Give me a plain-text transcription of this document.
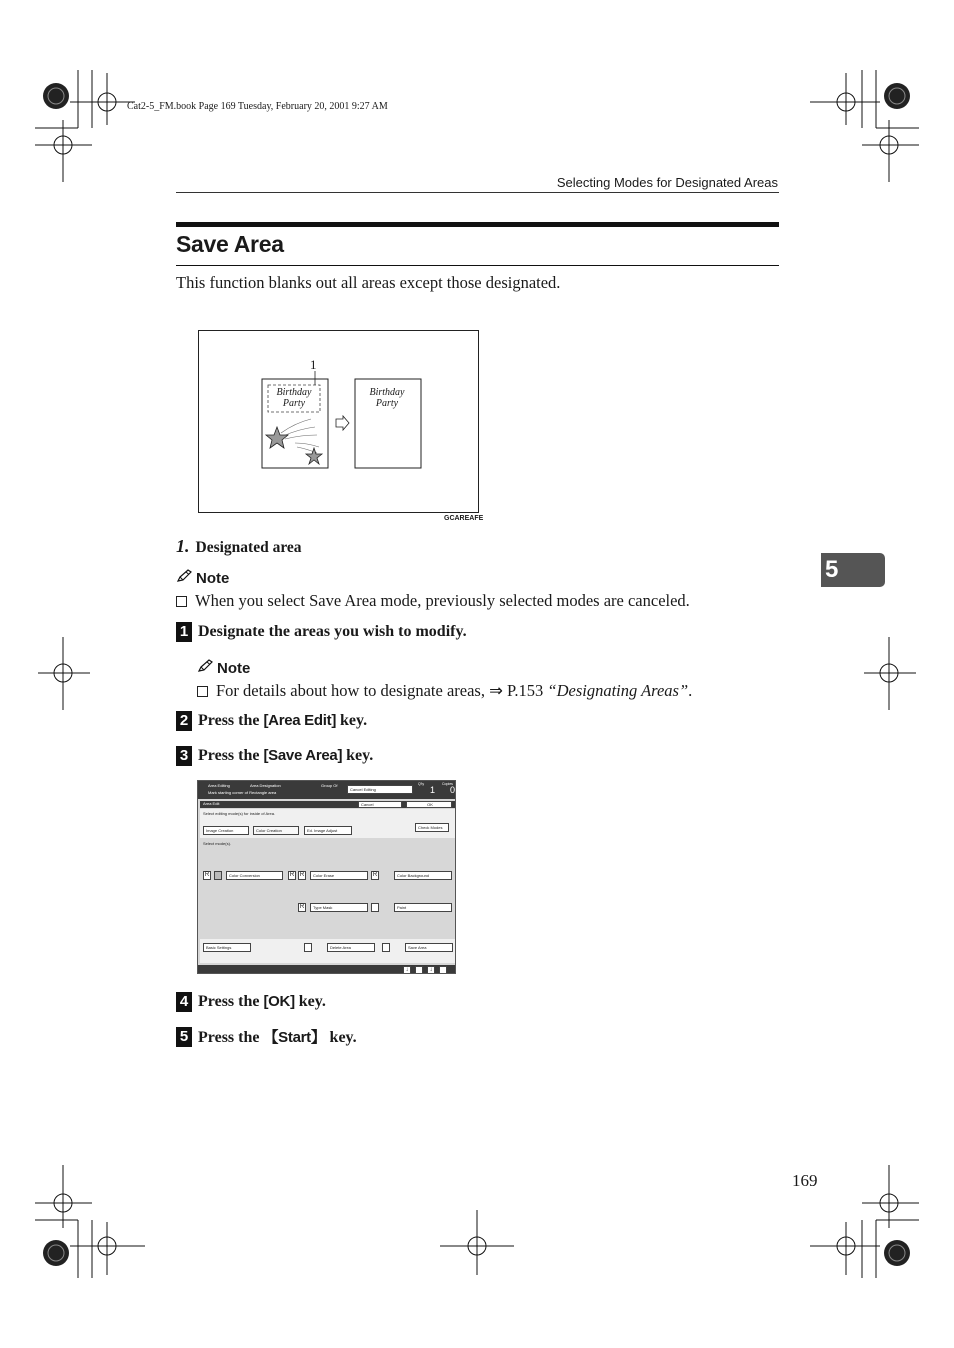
Cat2-5_FM.book Page 169 Tuesday, February 20, 2001 9:27 AM
Selecting Modes for Designated Areas
Save Area
This function blanks out all areas except those designated.
1
Birthday
Party
Birthday
Party
GCAREAFE
1. Designated area
Note
When you select Save Area mode, previously selected modes are canceled.
1 Designate the areas you wish to modify.
Note
For details about how to designate areas, ⇒ P.153 “Designating Areas”.
2 Press the [Area Edit] key.
3 Press the [Save Area] key.
Area Editing	Area Designation
Mark starting corner of Rectangle area
Group Of
Cancel Editing
Q'ty
1
Copies
0
Area Edit	Cancel	OK
Select editing mode(s) for inside of Area.
Image Creation	Color Creation	Ed. Image Adjust
Check Modes
Select mode(s).
R	Color Conversion	R R	Color Erase	R	Color Background
R	Type Mask	Paint
Basic Settings	Delete Area	Save Area
↓	↓
4 Press the [OK] key.
5 Press the 【Start】 key.
5
169
